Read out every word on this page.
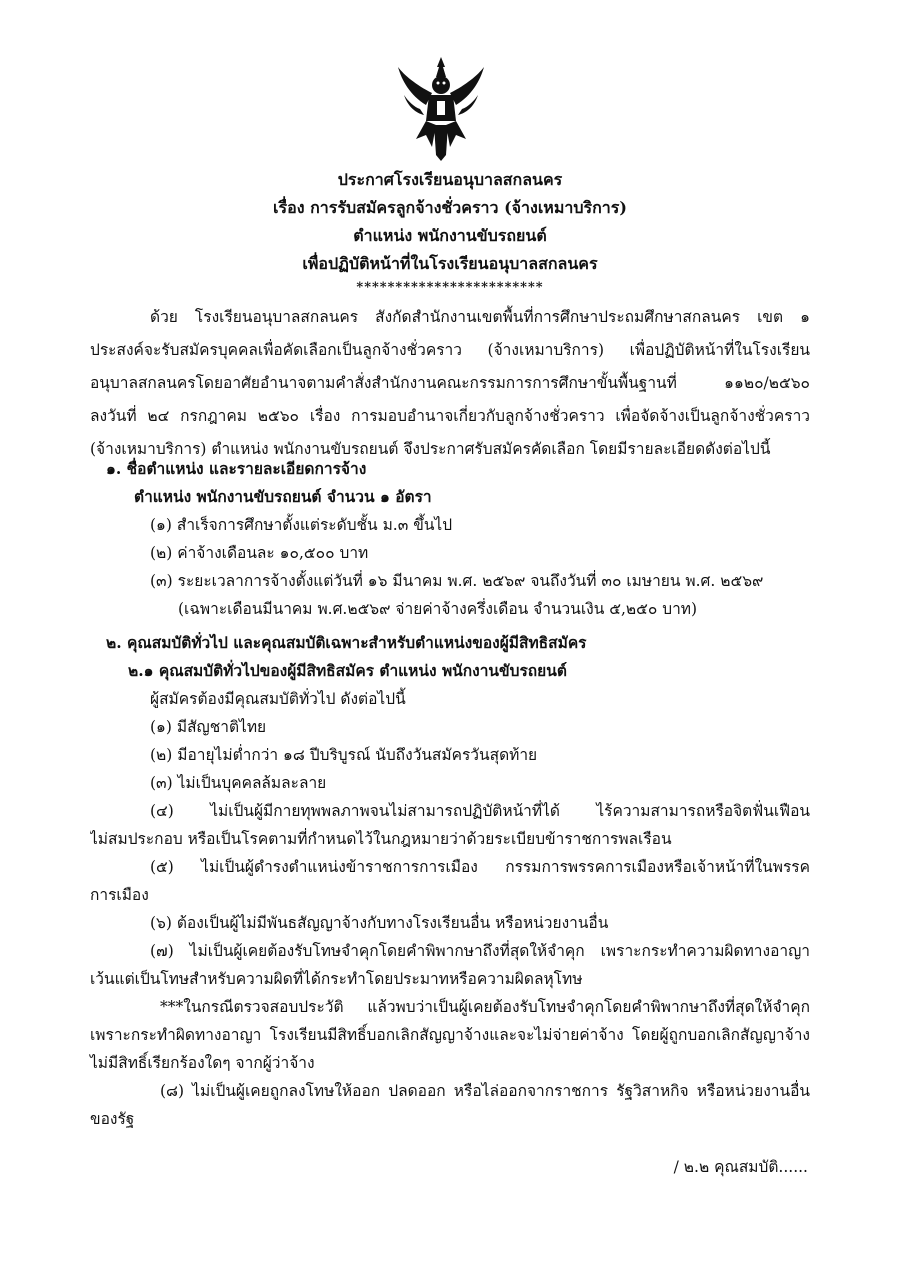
ประกาศโรงเรียนอนุบาลสกลนคร
เรื่อง การรับสมัครลูกจ้างชั่วคราว (จ้างเหมาบริการ)
ตำแหน่ง พนักงานขับรถยนต์
เพื่อปฏิบัติหน้าที่ในโรงเรียนอนุบาลสกลนคร
************************
ด้วย โรงเรียนอนุบาลสกลนคร สังกัดสำนักงานเขตพื้นที่การศึกษาประถมศึกษาสกลนคร เขต ๑
ประสงค์จะรับสมัครบุคคลเพื่อคัดเลือกเป็นลูกจ้างชั่วคราว (จ้างเหมาบริการ) เพื่อปฏิบัติหน้าที่ในโรงเรียน
อนุบาลสกลนครโดยอาศัยอำนาจตามคำสั่งสำนักงานคณะกรรมการการศึกษาขั้นพื้นฐานที่ ๑๑๒๐/๒๕๖๐
ลงวันที่ ๒๔ กรกฎาคม ๒๕๖๐ เรื่อง การมอบอำนาจเกี่ยวกับลูกจ้างชั่วคราว เพื่อจัดจ้างเป็นลูกจ้างชั่วคราว
(จ้างเหมาบริการ) ตำแหน่ง พนักงานขับรถยนต์ จึงประกาศรับสมัครคัดเลือก โดยมีรายละเอียดดังต่อไปนี้
๑. ชื่อตำแหน่ง และรายละเอียดการจ้าง
ตำแหน่ง พนักงานขับรถยนต์ จำนวน ๑ อัตรา
(๑) สำเร็จการศึกษาตั้งแต่ระดับชั้น ม.๓ ขึ้นไป
(๒) ค่าจ้างเดือนละ ๑๐,๕๐๐ บาท
(๓) ระยะเวลาการจ้างตั้งแต่วันที่ ๑๖ มีนาคม พ.ศ. ๒๕๖๙ จนถึงวันที่ ๓๐ เมษายน พ.ศ. ๒๕๖๙
(เฉพาะเดือนมีนาคม พ.ศ.๒๕๖๙ จ่ายค่าจ้างครึ่งเดือน จำนวนเงิน ๕,๒๕๐ บาท)
๒. คุณสมบัติทั่วไป และคุณสมบัติเฉพาะสำหรับตำแหน่งของผู้มีสิทธิสมัคร
๒.๑ คุณสมบัติทั่วไปของผู้มีสิทธิสมัคร ตำแหน่ง พนักงานขับรถยนต์
ผู้สมัครต้องมีคุณสมบัติทั่วไป ดังต่อไปนี้
(๑) มีสัญชาติไทย
(๒) มีอายุไม่ต่ำกว่า ๑๘ ปีบริบูรณ์ นับถึงวันสมัครวันสุดท้าย
(๓) ไม่เป็นบุคคลล้มละลาย
(๔) ไม่เป็นผู้มีกายทุพพลภาพจนไม่สามารถปฏิบัติหน้าที่ได้ ไร้ความสามารถหรือจิตฟั่นเฟือน
ไม่สมประกอบ หรือเป็นโรคตามที่กำหนดไว้ในกฎหมายว่าด้วยระเบียบข้าราชการพลเรือน
(๕) ไม่เป็นผู้ดำรงตำแหน่งข้าราชการการเมือง กรรมการพรรคการเมืองหรือเจ้าหน้าที่ในพรรค
การเมือง
(๖) ต้องเป็นผู้ไม่มีพันธสัญญาจ้างกับทางโรงเรียนอื่น หรือหน่วยงานอื่น
(๗) ไม่เป็นผู้เคยต้องรับโทษจำคุกโดยคำพิพากษาถึงที่สุดให้จำคุก เพราะกระทำความผิดทางอาญา
เว้นแต่เป็นโทษสำหรับความผิดที่ได้กระทำโดยประมาทหรือความผิดลหุโทษ
***ในกรณีตรวจสอบประวัติ แล้วพบว่าเป็นผู้เคยต้องรับโทษจำคุกโดยคำพิพากษาถึงที่สุดให้จำคุก
เพราะกระทำผิดทางอาญา โรงเรียนมีสิทธิ์บอกเลิกสัญญาจ้างและจะไม่จ่ายค่าจ้าง โดยผู้ถูกบอกเลิกสัญญาจ้าง
ไม่มีสิทธิ์เรียกร้องใดๆ จากผู้ว่าจ้าง
(๘) ไม่เป็นผู้เคยถูกลงโทษให้ออก ปลดออก หรือไล่ออกจากราชการ รัฐวิสาหกิจ หรือหน่วยงานอื่น
ของรัฐ
/ ๒.๒ คุณสมบัติ......
